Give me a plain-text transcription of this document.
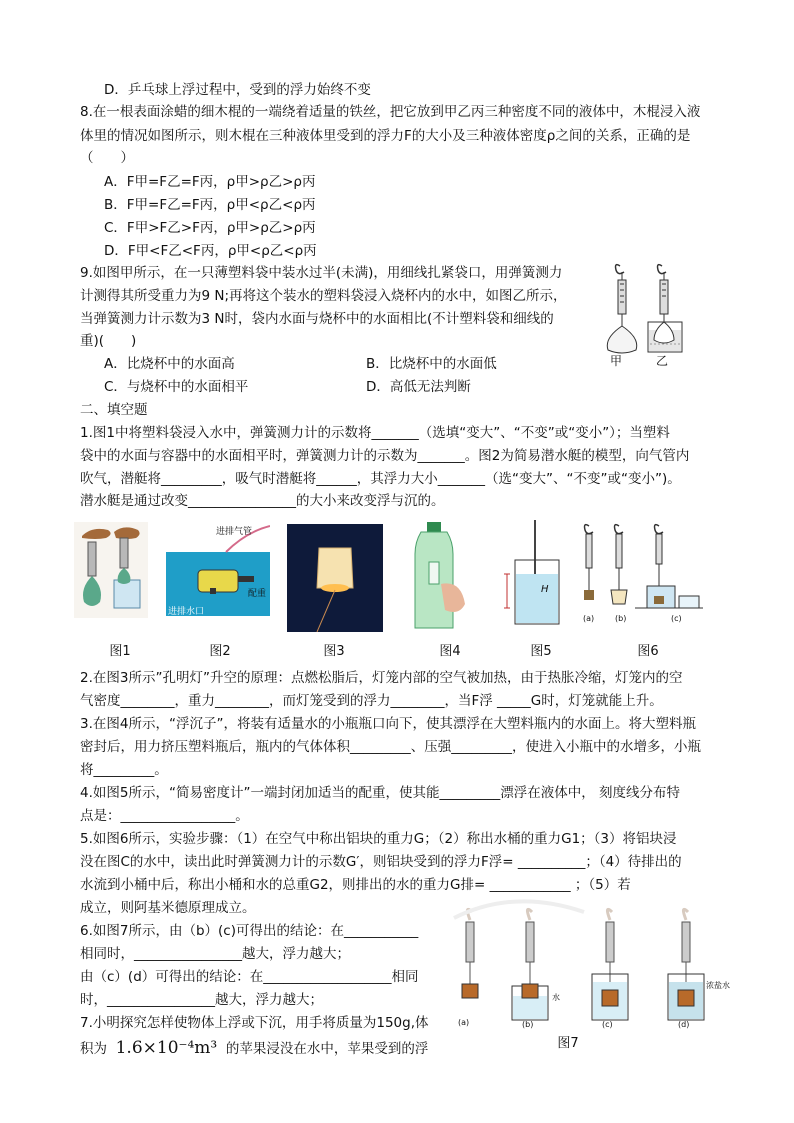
D．乒乓球上浮过程中，受到的浮力始终不变
8.在一根表面涂蜡的细木棍的一端绕着适量的铁丝，把它放到甲乙丙三种密度不同的液体中，木棍浸入液
体里的情况如图所示，则木棍在三种液体里受到的浮力F的大小及三种液体密度ρ之间的关系，正确的是
（　　）
A．F甲=F乙=F丙，ρ甲>ρ乙>ρ丙
B．F甲=F乙=F丙，ρ甲<ρ乙<ρ丙
C．F甲>F乙>F丙，ρ甲>ρ乙>ρ丙
D．F甲<F乙<F丙，ρ甲<ρ乙<ρ丙
9.如图甲所示，在一只薄塑料袋中装水过半(未满)，用细线扎紧袋口，用弹簧测力
计测得其所受重力为9 N;再将这个装水的塑料袋浸入烧杯内的水中，如图乙所示，
当弹簧测力计示数为3 N时，袋内水面与烧杯中的水面相比(不计塑料袋和细线的
重)(　　)
A．比烧杯中的水面高	B．比烧杯中的水面低
C．与烧杯中的水面相平	D．高低无法判断
甲	乙
二、填空题
1.图1中将塑料袋浸入水中，弹簧测力计的示数将_______（选填“变大”、“不变”或“变小”）；当塑料
袋中的水面与容器中的水面相平时，弹簧测力计的示数为_______。图2为简易潜水艇的模型，向气管内
吹气，潜艇将_________，吸气时潜艇将______，其浮力大小_______（选“变大”、“不变”或“变小”)。
潜水艇是通过改变________________的大小来改变浮与沉的。
图1
进排气管
配重
进排水口
图2	图3	图4
H
图5
(a)	(b)	(c)
图6
2.在图3所示”孔明灯”升空的原理：点燃松脂后，灯笼内部的空气被加热，由于热胀冷缩，灯笼内的空
气密度________，重力________，而灯笼受到的浮力________，当F浮 _____G时，灯笼就能上升。
3.在图4所示，“浮沉子”，将装有适量水的小瓶瓶口向下，使其漂浮在大塑料瓶内的水面上。将大塑料瓶
密封后，用力挤压塑料瓶后，瓶内的气体体积_________、压强_________，使进入小瓶中的水增多，小瓶
将_________。
4.如图5所示，“简易密度计”一端封闭加适当的配重，使其能_________漂浮在液体中， 刻度线分布特
点是：_________________。
5.如图6所示，实验步骤：（1）在空气中称出铝块的重力G；（2）称出水桶的重力G1；（3）将铝块浸
没在图C的水中，读出此时弹簧测力计的示数G′，则铝块受到的浮力F浮= __________；（4）待排出的
水流到小桶中后，称出小桶和水的总重G2，则排出的水的重力G排= ____________ ；（5）若
成立，则阿基米德原理成立。
6.如图7所示，由（b）(c)可得出的结论：在___________
相同时，________________越大，浮力越大；
由（c）(d）可得出的结论：在___________________相同
时，________________越大，浮力越大；
7.小明探究怎样使物体上浮或下沉，用手将质量为150g,体
积为 1.6×10⁻⁴m³ 的苹果浸没在水中，苹果受到的浮
(a)	(b)	(c)	(d)
水
浓盐水
图7
